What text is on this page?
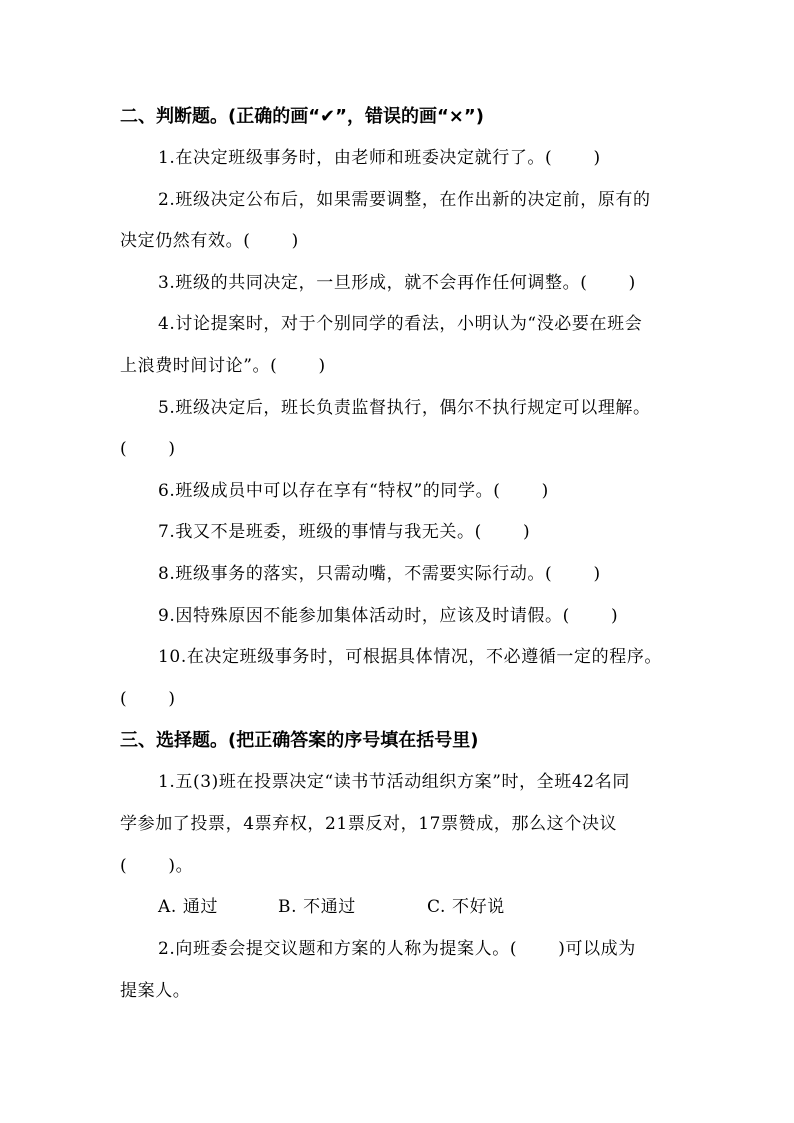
二、判断题。(正确的画“✔”，错误的画“×”)
1.在决定班级事务时，由老师和班委决定就行了。(　　 )
2.班级决定公布后，如果需要调整，在作出新的决定前，原有的
决定仍然有效。(　　 )
3.班级的共同决定，一旦形成，就不会再作任何调整。(　　 )
4.讨论提案时，对于个别同学的看法，小明认为“没必要在班会
上浪费时间讨论”。(　　 )
5.班级决定后，班长负责监督执行，偶尔不执行规定可以理解。
(　　 )
6.班级成员中可以存在享有“特权”的同学。(　　 )
7.我又不是班委，班级的事情与我无关。(　　 )
8.班级事务的落实，只需动嘴，不需要实际行动。(　　 )
9.因特殊原因不能参加集体活动时，应该及时请假。(　　 )
10.在决定班级事务时，可根据具体情况，不必遵循一定的程序。
(　　 )
三、选择题。(把正确答案的序号填在括号里)
1.五(3)班在投票决定“读书节活动组织方案”时，全班42名同
学参加了投票，4票弃权，21票反对，17票赞成，那么这个决议
(　　 )。
A. 通过	B. 不通过	C. 不好说
2.向班委会提交议题和方案的人称为提案人。(　　 )可以成为
提案人。
